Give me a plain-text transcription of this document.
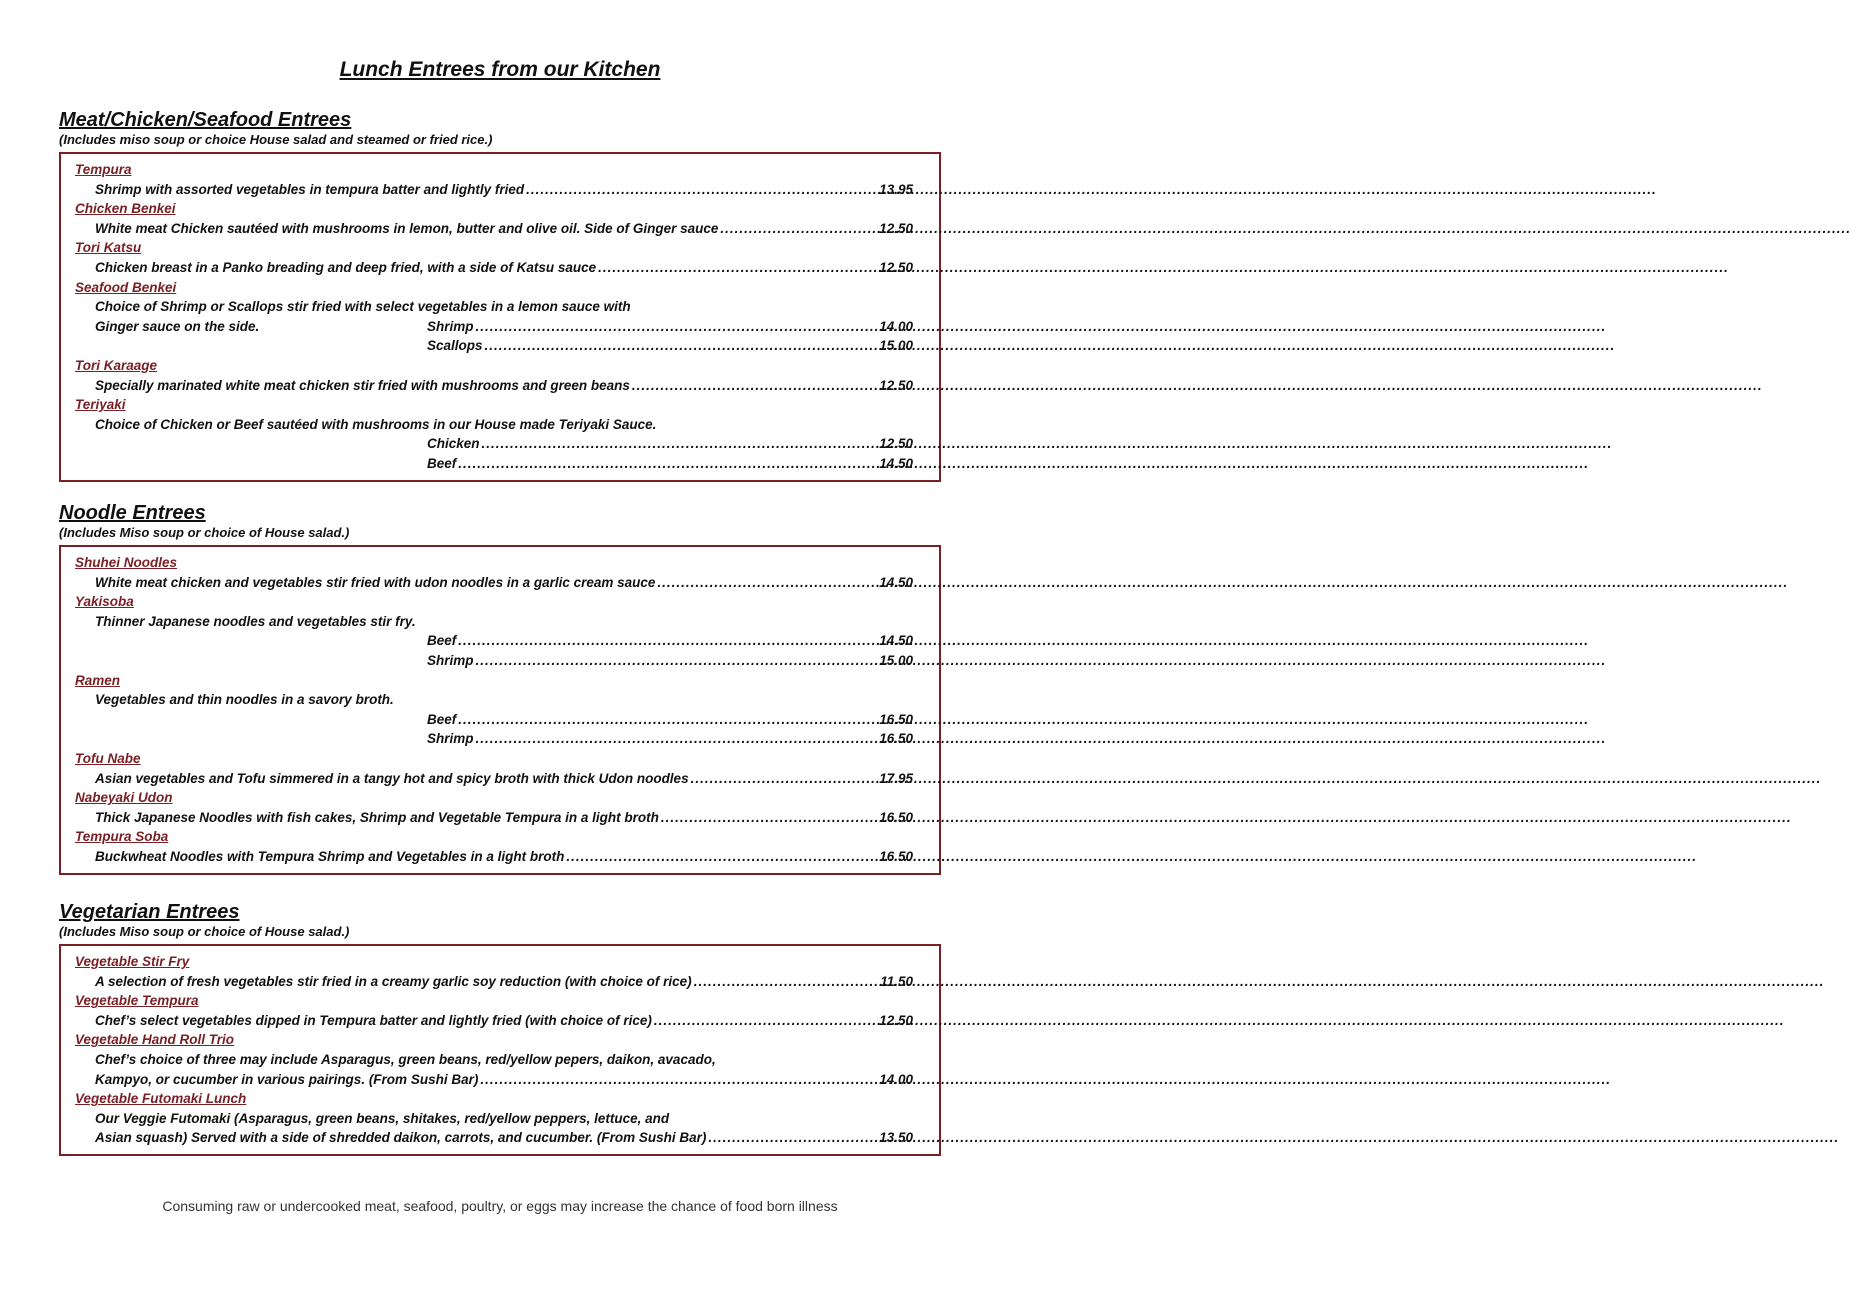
Lunch Entrees from our Kitchen
Meat/Chicken/Seafood Entrees
(Includes miso soup or choice House salad and steamed or fried rice.)
Tempura
Shrimp with assorted vegetables in tempura batter and lightly fried .....	13.95
Chicken Benkei
White meat Chicken sautéed with mushrooms in lemon, butter and olive oil. Side of Ginger sauce .....	12.50
Tori Katsu
Chicken breast in a Panko breading and deep fried, with a side of Katsu sauce .....	12.50
Seafood Benkei
Choice of Shrimp or Scallops stir fried with select vegetables in a lemon sauce with
Ginger sauce on the side.	Shrimp .....	14.00
Scallops .....	15.00
Tori Karaage
Specially marinated white meat chicken stir fried with mushrooms and green beans .....	12.50
Teriyaki
Choice of Chicken or Beef sautéed with mushrooms in our House made Teriyaki Sauce.
Chicken .....	12.50
Beef .....	14.50
Noodle Entrees
(Includes Miso soup or choice of House salad.)
Shuhei Noodles
White meat chicken and vegetables stir fried with udon noodles in a garlic cream sauce .....	14.50
Yakisoba
Thinner Japanese noodles and vegetables stir fry.
Beef .....	14.50
Shrimp .....	15.00
Ramen
Vegetables and thin noodles in a savory broth.
Beef .....	16.50
Shrimp .....	16.50
Tofu Nabe
Asian vegetables and Tofu simmered in a tangy hot and spicy broth with thick Udon noodles .....	17.95
Nabeyaki Udon
Thick Japanese Noodles with fish cakes, Shrimp and Vegetable Tempura in a light broth .....	16.50
Tempura Soba
Buckwheat Noodles with Tempura Shrimp and Vegetables in a light broth .....	16.50
Vegetarian Entrees
(Includes Miso soup or choice of House salad.)
Vegetable Stir Fry
A selection of fresh vegetables stir fried in a creamy garlic soy reduction (with choice of rice) .....	11.50
Vegetable Tempura
Chef’s select vegetables dipped in Tempura batter and lightly fried (with choice of rice) .....	12.50
Vegetable Hand Roll Trio
Chef’s choice of three may include Asparagus, green beans, red/yellow pepers, daikon, avacado,
Kampyo, or cucumber in various pairings. (From Sushi Bar) .....	14.00
Vegetable Futomaki Lunch
Our Veggie Futomaki (Asparagus, green beans, shitakes, red/yellow peppers, lettuce, and
Asian squash) Served with a side of shredded daikon, carrots, and cucumber. (From Sushi Bar) .....	13.50
Consuming raw or undercooked meat, seafood, poultry, or eggs may increase the chance of food born illness
